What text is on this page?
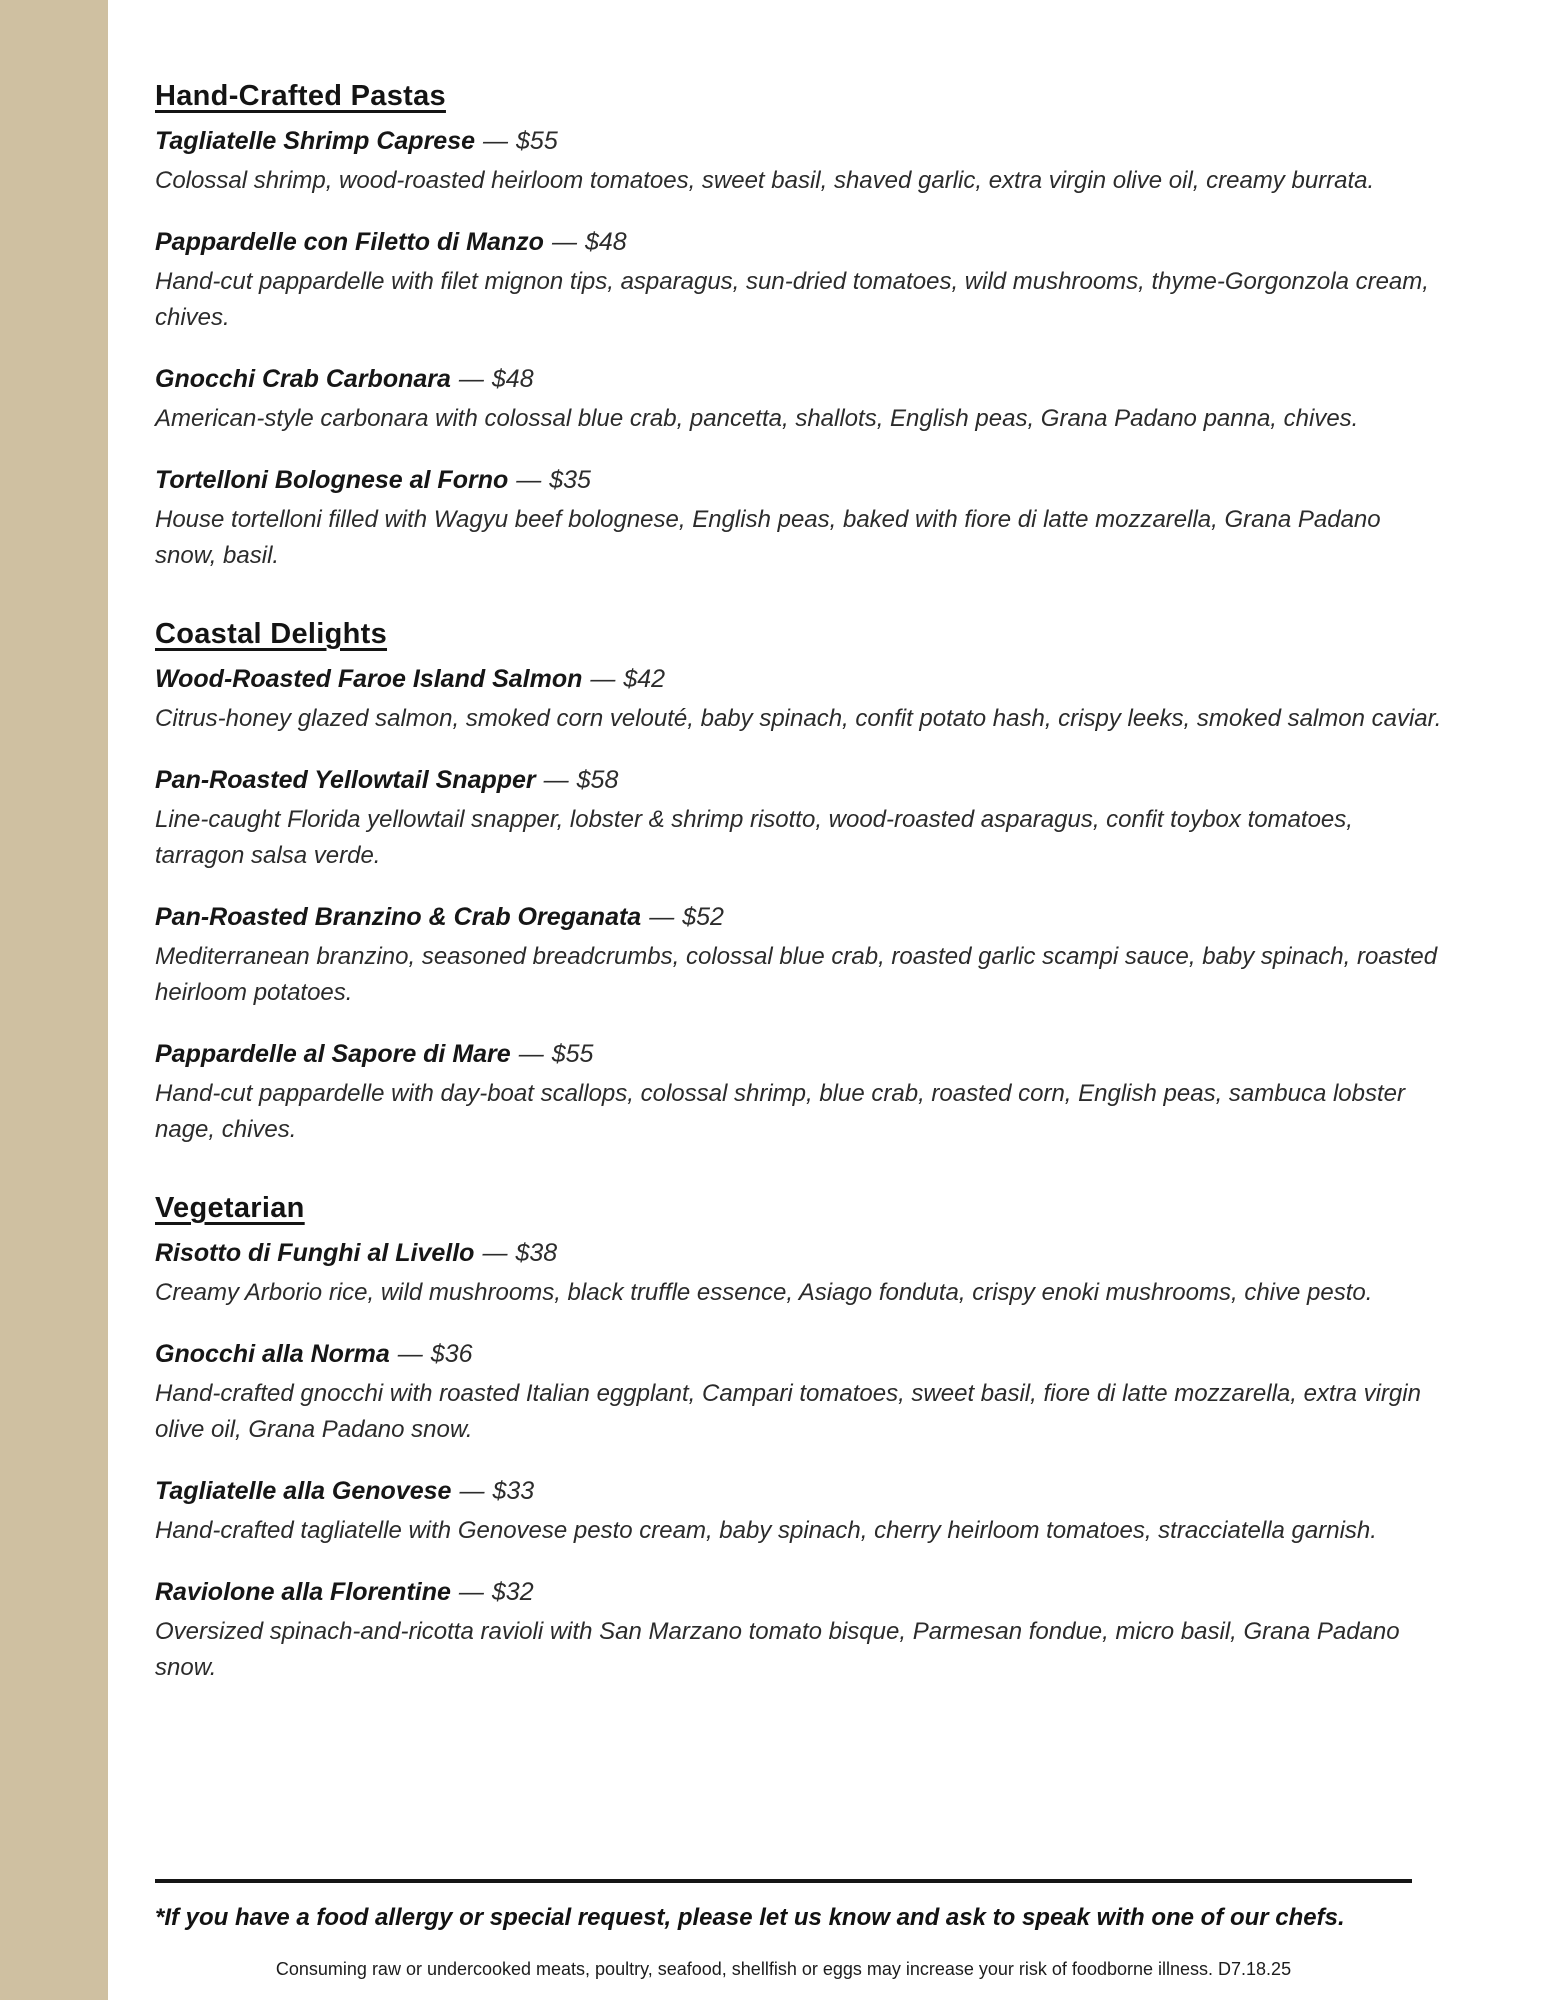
Hand-Crafted Pastas

Tagliatelle Shrimp Caprese — $55

Colossal shrimp, wood-roasted heirloom tomatoes, sweet basil, shaved garlic, extra virgin olive oil, creamy burrata.

Pappardelle con Filetto di Manzo — $48

Hand-cut pappardelle with filet mignon tips, asparagus, sun-dried tomatoes, wild mushrooms, thyme-Gorgonzola cream, chives.

Gnocchi Crab Carbonara — $48

American-style carbonara with colossal blue crab, pancetta, shallots, English peas, Grana Padano panna, chives.

Tortelloni Bolognese al Forno — $35

House tortelloni filled with Wagyu beef bolognese, English peas, baked with fiore di latte mozzarella, Grana Padano snow, basil.

Coastal Delights

Wood-Roasted Faroe Island Salmon — $42

Citrus-honey glazed salmon, smoked corn velouté, baby spinach, confit potato hash, crispy leeks, smoked salmon caviar.

Pan-Roasted Yellowtail Snapper — $58

Line-caught Florida yellowtail snapper, lobster & shrimp risotto, wood-roasted asparagus, confit toybox tomatoes, tarragon salsa verde.

Pan-Roasted Branzino & Crab Oreganata — $52

Mediterranean branzino, seasoned breadcrumbs, colossal blue crab, roasted garlic scampi sauce, baby spinach, roasted heirloom potatoes.

Pappardelle al Sapore di Mare — $55

Hand-cut pappardelle with day-boat scallops, colossal shrimp, blue crab, roasted corn, English peas, sambuca lobster nage, chives.

Vegetarian

Risotto di Funghi al Livello — $38

Creamy Arborio rice, wild mushrooms, black truffle essence, Asiago fonduta, crispy enoki mushrooms, chive pesto.

Gnocchi alla Norma — $36

Hand-crafted gnocchi with roasted Italian eggplant, Campari tomatoes, sweet basil, fiore di latte mozzarella, extra virgin olive oil, Grana Padano snow.

Tagliatelle alla Genovese — $33

Hand-crafted tagliatelle with Genovese pesto cream, baby spinach, cherry heirloom tomatoes, stracciatella garnish.

Raviolone alla Florentine — $32

Oversized spinach-and-ricotta ravioli with San Marzano tomato bisque, Parmesan fondue, micro basil, Grana Padano snow.

*If you have a food allergy or special request, please let us know and ask to speak with one of our chefs.

Consuming raw or undercooked meats, poultry, seafood, shellfish or eggs may increase your risk of foodborne illness. D7.18.25
